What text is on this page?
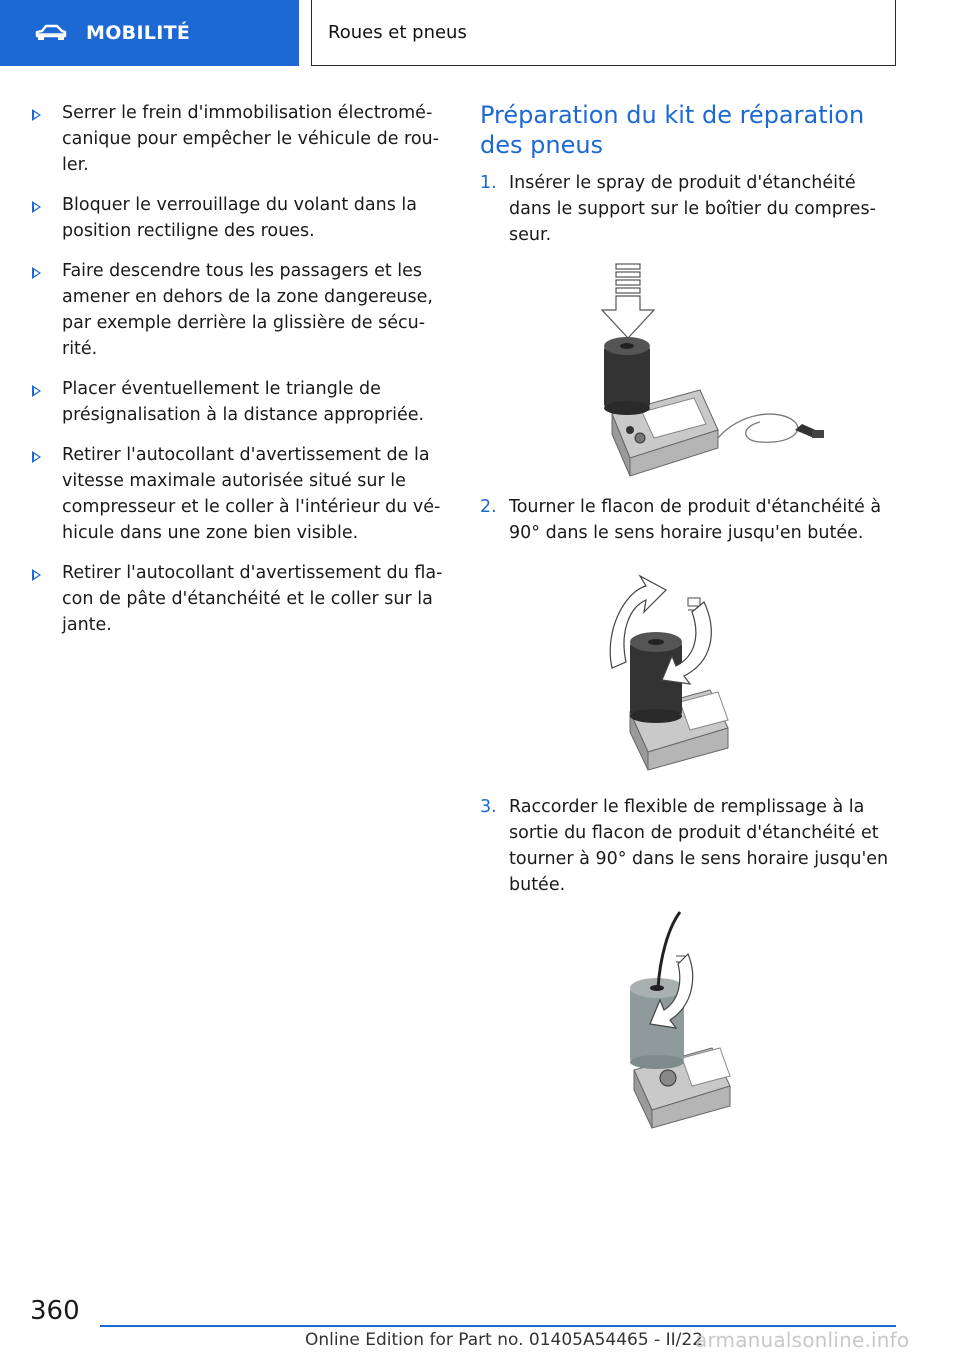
MOBILITÉ	Roues et pneus
Serrer le frein d'immobilisation électromé-canique pour empêcher le véhicule de rou-ler.
Bloquer le verrouillage du volant dans la position rectiligne des roues.
Faire descendre tous les passagers et les amener en dehors de la zone dangereuse, par exemple derrière la glissière de sécu-rité.
Placer éventuellement le triangle de présignalisation à la distance appropriée.
Retirer l'autocollant d'avertissement de la vitesse maximale autorisée situé sur le compresseur et le coller à l'intérieur du vé-hicule dans une zone bien visible.
Retirer l'autocollant d'avertissement du fla-con de pâte d'étanchéité et le coller sur la jante.
Préparation du kit de réparation des pneus
1. Insérer le spray de produit d'étanchéité dans le support sur le boîtier du compres-seur.
2. Tourner le flacon de produit d'étanchéité à 90° dans le sens horaire jusqu'en butée.
3. Raccorder le flexible de remplissage à la sortie du flacon de produit d'étanchéité et tourner à 90° dans le sens horaire jusqu'en butée.
360
Online Edition for Part no. 01405A54465 - II/22
armanualsonline.info
